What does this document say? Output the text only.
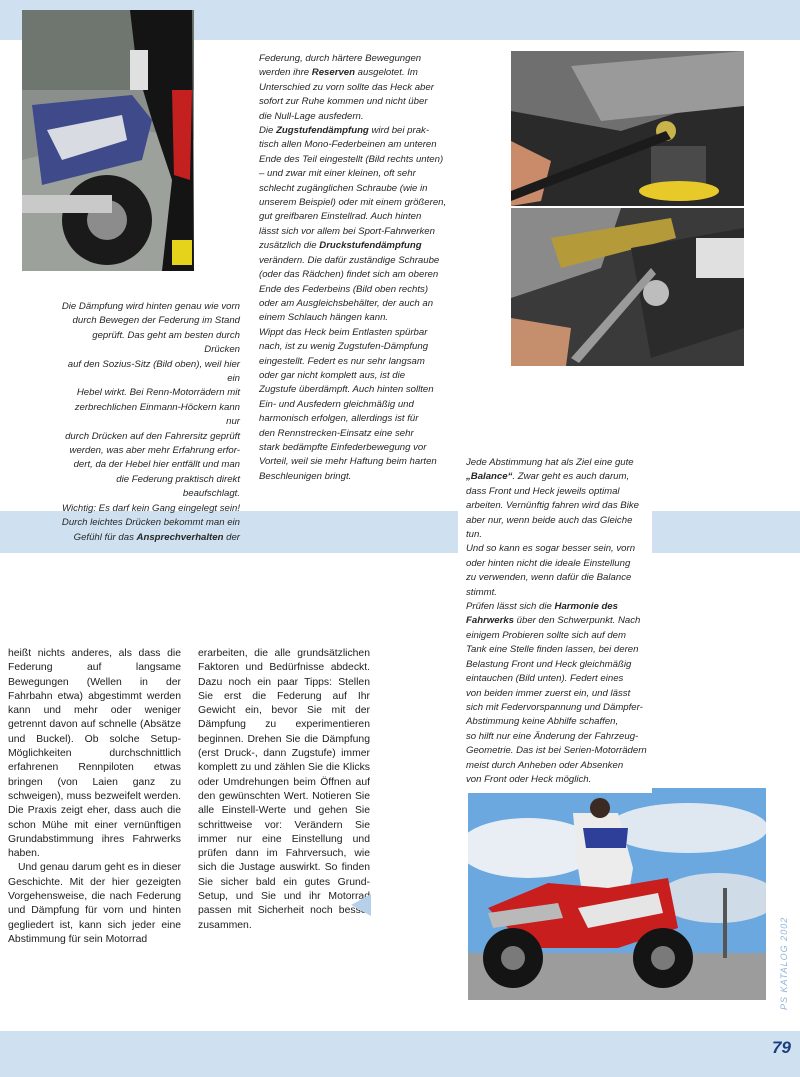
Die Dämpfung wird hinten genau wie vorn
durch Bewegen der Federung im Stand
geprüft. Das geht am besten durch Drücken
auf den Sozius-Sitz (Bild oben), weil hier ein
Hebel wirkt. Bei Renn-Motorrädern mit
zerbrechlichen Einmann-Höckern kann nur
durch Drücken auf den Fahrersitz geprüft
werden, was aber mehr Erfahrung erfor-
dert, da der Hebel hier entfällt und man
die Federung praktisch direkt beaufschlagt.
Wichtig: Es darf kein Gang eingelegt sein!
Durch leichtes Drücken bekommt man ein
Gefühl für das Ansprechverhalten der
Federung, durch härtere Bewegungen
werden ihre Reserven ausgelotet. Im
Unterschied zu vorn sollte das Heck aber
sofort zur Ruhe kommen und nicht über
die Null-Lage ausfedern.
Die Zugstufendämpfung wird bei prak-
tisch allen Mono-Federbeinen am unteren
Ende des Teil eingestellt (Bild rechts unten)
– und zwar mit einer kleinen, oft sehr
schlecht zugänglichen Schraube (wie in
unserem Beispiel) oder mit einem größeren,
gut greifbaren Einstellrad. Auch hinten
lässt sich vor allem bei Sport-Fahrwerken
zusätzlich die Druckstufendämpfung
verändern. Die dafür zuständige Schraube
(oder das Rädchen) findet sich am oberen
Ende des Federbeins (Bild oben rechts)
oder am Ausgleichsbehälter, der auch an
einem Schlauch hängen kann.
Wippt das Heck beim Entlasten spürbar
nach, ist zu wenig Zugstufen-Dämpfung
eingestellt. Federt es nur sehr langsam
oder gar nicht komplett aus, ist die
Zugstufe überdämpft. Auch hinten sollten
Ein- und Ausfedern gleichmäßig und
harmonisch erfolgen, allerdings ist für
den Rennstrecken-Einsatz eine sehr
stark bedämpfte Einfederbewegung vor
Vorteil, weil sie mehr Haftung beim harten
Beschleunigen bringt.
Jede Abstimmung hat als Ziel eine gute
„Balance“. Zwar geht es auch darum,
dass Front und Heck jeweils optimal
arbeiten. Vernünftig fahren wird das Bike
aber nur, wenn beide auch das Gleiche tun.
Und so kann es sogar besser sein, vorn
oder hinten nicht die ideale Einstellung
zu verwenden, wenn dafür die Balance
stimmt.
Prüfen lässt sich die Harmonie des
Fahrwerks über den Schwerpunkt. Nach
einigem Probieren sollte sich auf dem
Tank eine Stelle finden lassen, bei deren
Belastung Front und Heck gleichmäßig
eintauchen (Bild unten). Federt eines
von beiden immer zuerst ein, und lässt
sich mit Federvorspannung und Dämpfer-
Abstimmung keine Abhilfe schaffen,
so hilft nur eine Änderung der Fahrzeug-
Geometrie. Das ist bei Serien-Motorrädern
meist durch Anheben oder Absenken
von Front oder Heck möglich.

heißt nichts anderes, als dass die Federung auf langsame Bewegungen (Wellen in der Fahrbahn etwa) abgestimmt werden kann und mehr oder weniger getrennt davon auf schnelle (Absätze und Buckel). Ob solche Setup-Möglichkeiten durchschnittlich erfahrenen Rennpiloten etwas bringen (von Laien ganz zu schweigen), muss bezweifelt werden. Die Praxis zeigt eher, dass auch die schon Mühe mit einer vernünftigen Grundabstimmung ihres Fahrwerks haben.

Und genau darum geht es in dieser Geschichte. Mit der hier gezeigten Vorgehensweise, die nach Federung und Dämpfung für vorn und hinten gegliedert ist, kann sich jeder eine Abstimmung für sein Motorrad

erarbeiten, die alle grundsätzlichen Faktoren und Bedürfnisse abdeckt. Dazu noch ein paar Tipps: Stellen Sie erst die Federung auf Ihr Gewicht ein, bevor Sie mit der Dämpfung zu experimentieren beginnen. Drehen Sie die Dämpfung (erst Druck-, dann Zugstufe) immer komplett zu und zählen Sie die Klicks oder Umdrehungen beim Öffnen auf den gewünschten Wert. Notieren Sie alle Einstell-Werte und gehen Sie schrittweise vor: Verändern Sie immer nur eine Einstellung und prüfen dann im Fahrversuch, wie sich die Justage auswirkt. So finden Sie sicher bald ein gutes Grund-Setup, und Sie und ihr Motorrad passen mit Sicherheit noch besser zusammen.	PS KATALOG 2002
79
